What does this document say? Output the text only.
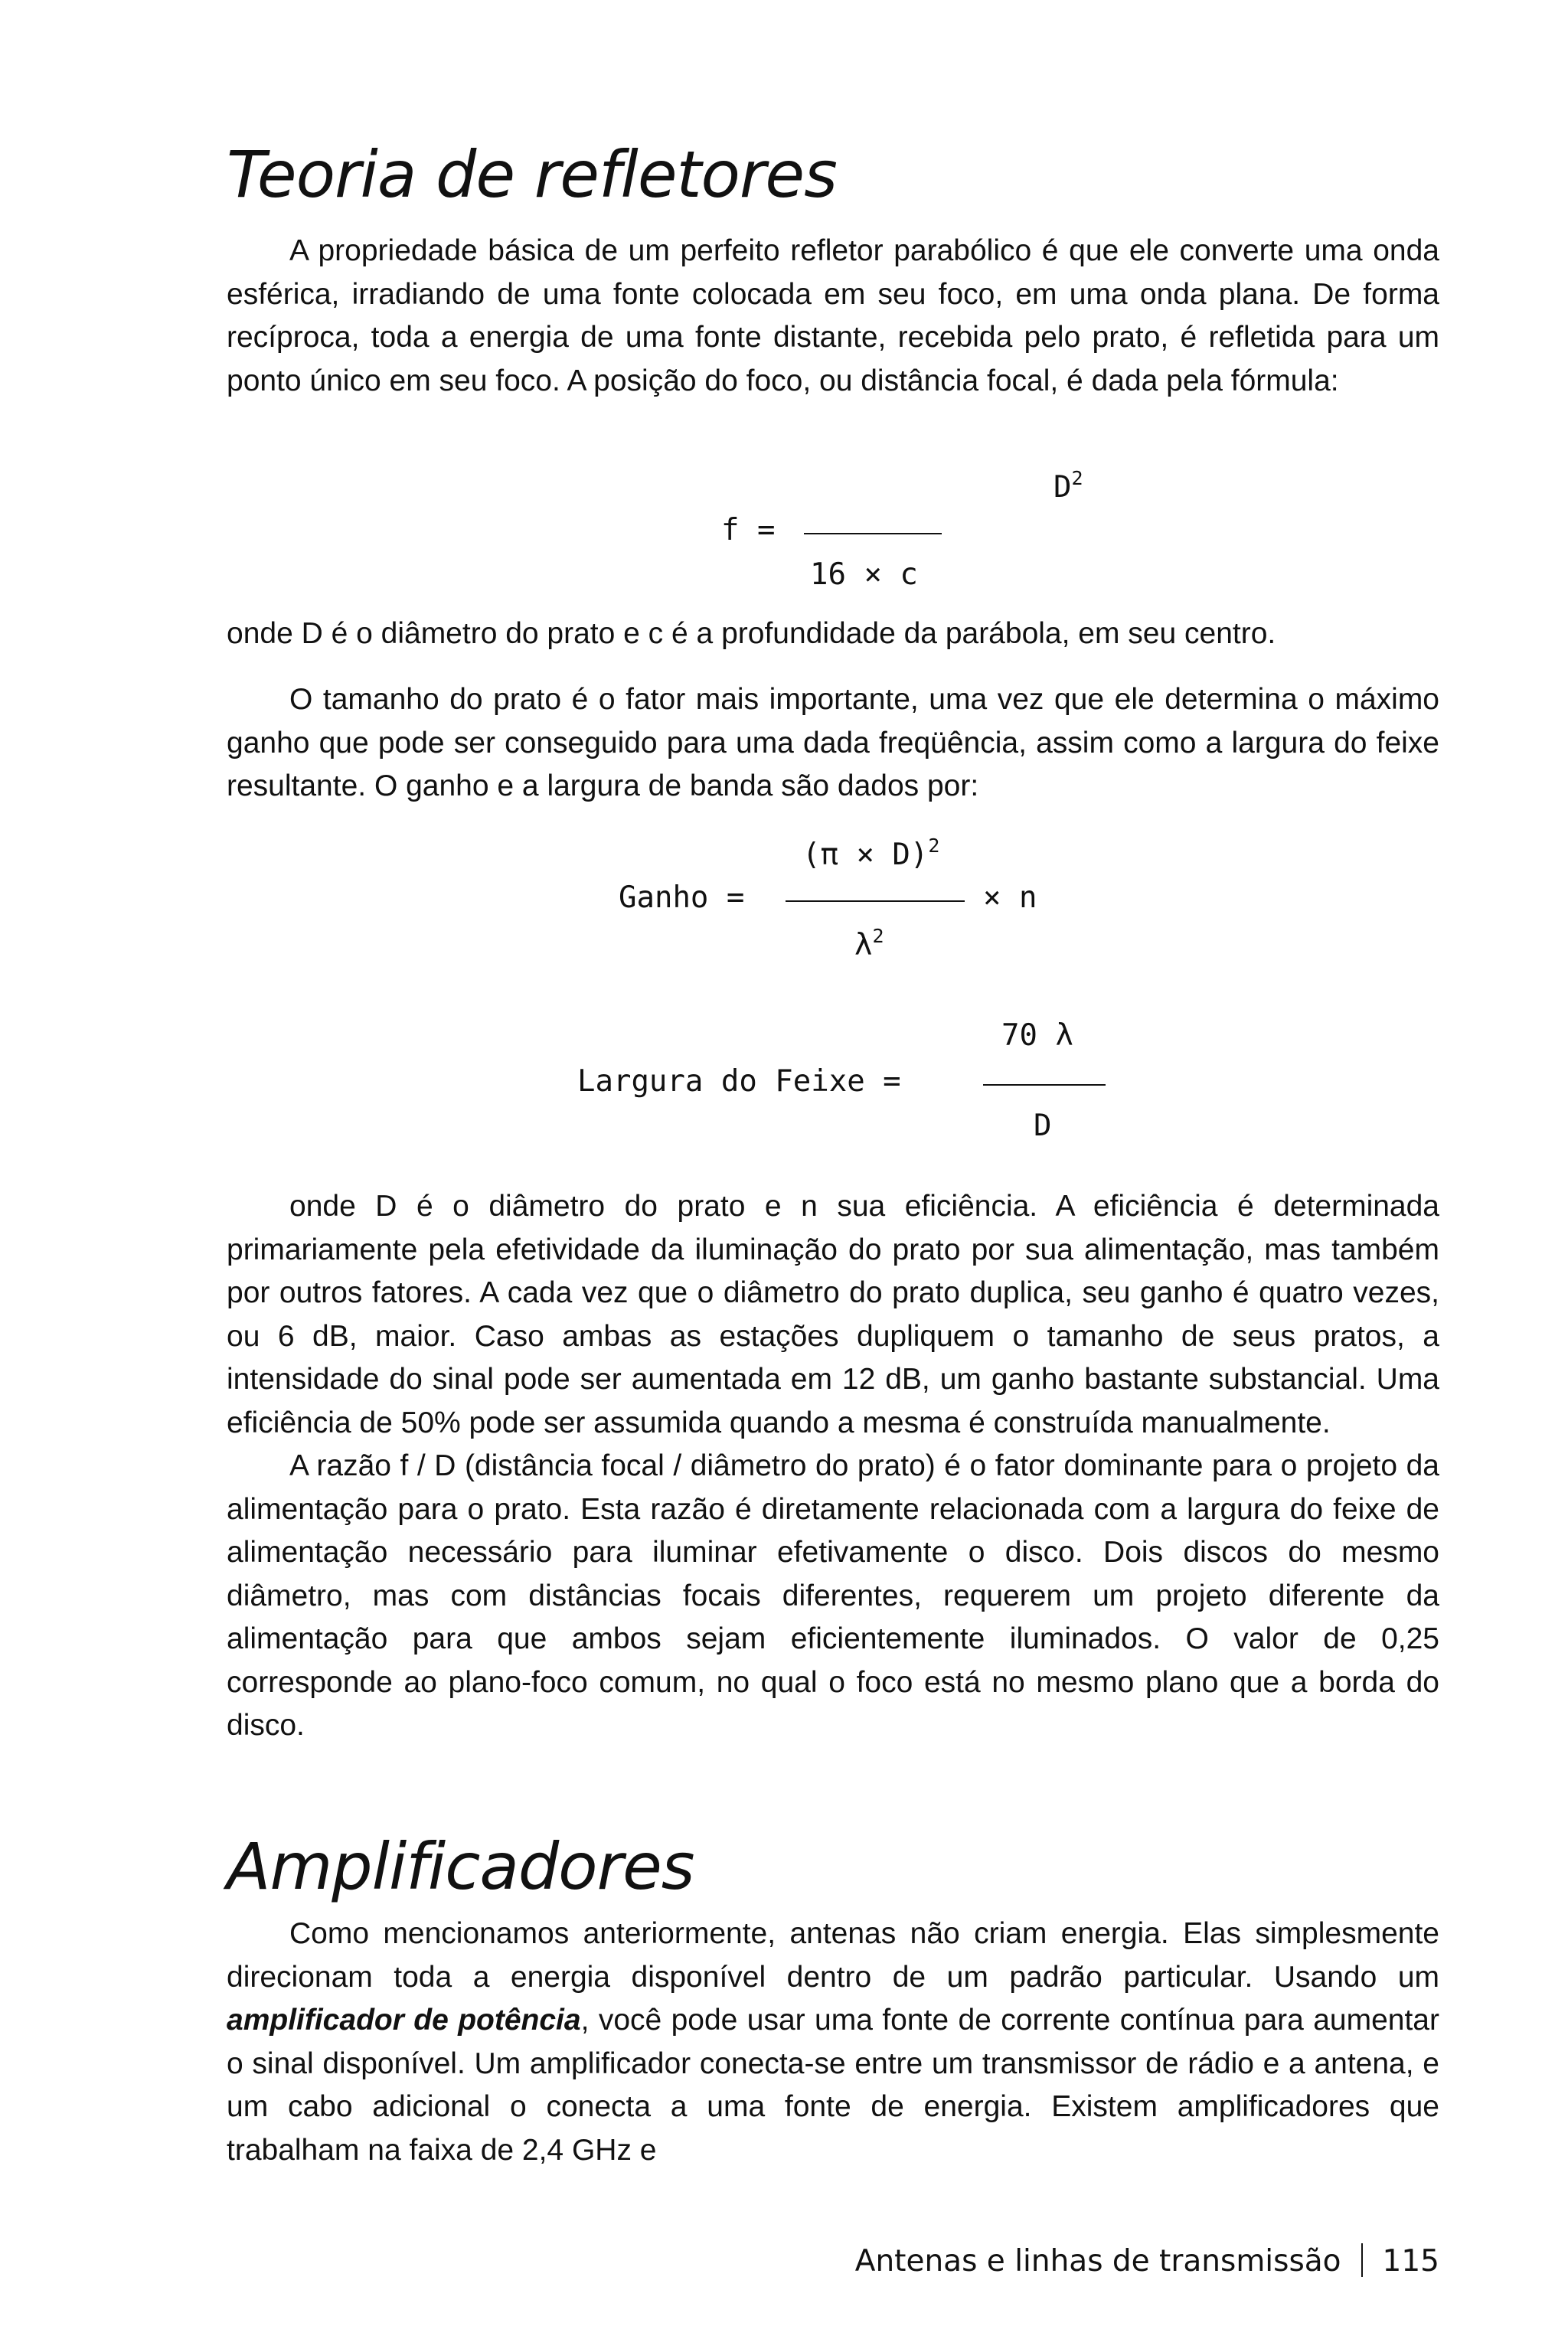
Teoria de refletores

A propriedade básica de um perfeito refletor parabólico é que ele converte uma onda esférica, irradiando de uma fonte colocada em seu foco, em uma onda plana. De forma recíproca, toda a energia de uma fonte distante, recebida pelo prato, é refletida para um ponto único em seu foco. A posição do foco, ou distância focal, é dada pela fórmula:

$D^2$

f =

16 × c

onde D é o diâmetro do prato e c é a profundidade da parábola, em seu centro.

O tamanho do prato é o fator mais importante, uma vez que ele determina o máximo ganho que pode ser conseguido para uma dada freqüência, assim como a largura do feixe resultante. O ganho e a largura de banda são dados por:

$(\pi \times D)^2$

Ganho =

	× n

$\lambda^2$

70 λ

Largura do Feixe =

D

onde D é o diâmetro do prato e n sua eficiência. A eficiência é determinada primariamente pela efetividade da iluminação do prato por sua alimentação, mas também por outros fatores. A cada vez que o diâmetro do prato duplica, seu ganho é quatro vezes, ou 6 dB, maior. Caso ambas as estações dupliquem o tamanho de seus pratos, a intensidade do sinal pode ser aumentada em 12 dB, um ganho bastante substancial. Uma eficiência de 50% pode ser assumida quando a mesma é construída manualmente.

A razão f / D (distância focal / diâmetro do prato) é o fator dominante para o projeto da alimentação para o prato. Esta razão é diretamente relacionada com a largura do feixe de alimentação necessário para iluminar efetivamente o disco. Dois discos do mesmo diâmetro, mas com distâncias focais diferentes, requerem um projeto diferente da alimentação para que ambos sejam eficientemente iluminados. O valor de 0,25 corresponde ao plano-foco comum, no qual o foco está no mesmo plano que a borda do disco.

Amplificadores

Como mencionamos anteriormente, antenas não criam energia. Elas simplesmente direcionam toda a energia disponível dentro de um padrão particular. Usando um amplificador de potência, você pode usar uma fonte de corrente contínua para aumentar o sinal disponível. Um amplificador conecta-se entre um transmissor de rádio e a antena, e um cabo adicional o conecta a uma fonte de energia. Existem amplificadores que trabalham na faixa de 2,4 GHz e

Antenas e linhas de transmissão 115
